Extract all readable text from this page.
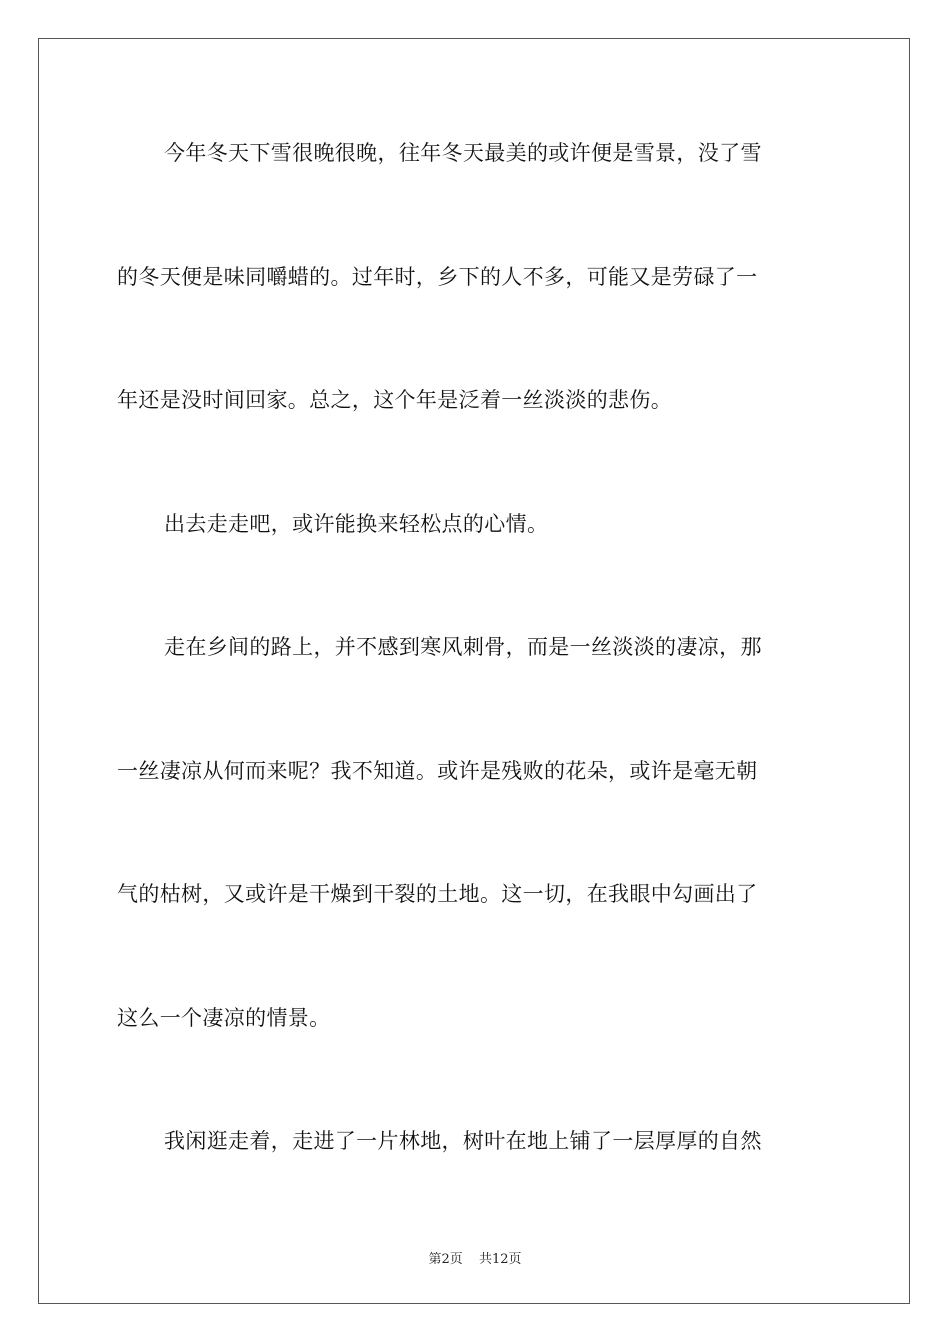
今年冬天下雪很晚很晚，往年冬天最美的或许便是雪景，没了雪

的冬天便是味同嚼蜡的。过年时，乡下的人不多，可能又是劳碌了一

年还是没时间回家。总之，这个年是泛着一丝淡淡的悲伤。

出去走走吧，或许能换来轻松点的心情。

走在乡间的路上，并不感到寒风刺骨，而是一丝淡淡的凄凉，那

一丝凄凉从何而来呢？我不知道。或许是残败的花朵，或许是毫无朝

气的枯树，又或许是干燥到干裂的土地。这一切，在我眼中勾画出了

这么一个凄凉的情景。

我闲逛走着，走进了一片林地，树叶在地上铺了一层厚厚的自然

第2页 共12页
